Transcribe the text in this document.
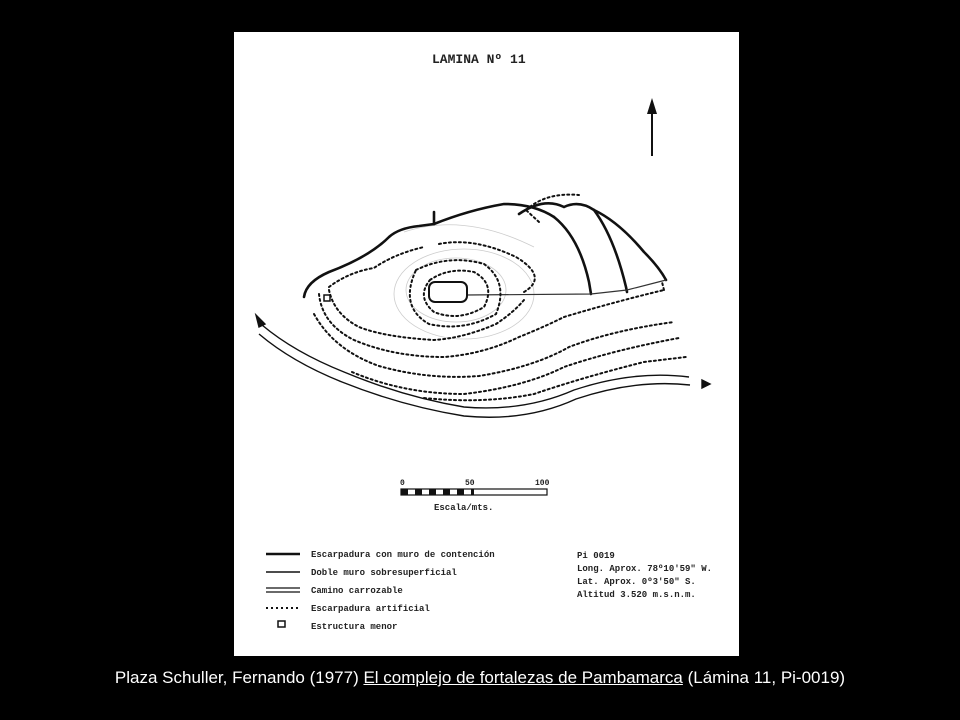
LAMINA Nº 11
0	50	100
Escala/mts.
Escarpadura con muro de contención
Doble muro sobresuperficial
Camino carrozable
Escarpadura artificial
Estructura menor
Pi 0019
Long. Aprox. 78º10'59" W.
Lat. Aprox. 0º3'50" S.
Altitud 3.520 m.s.n.m.
Plaza Schuller, Fernando (1977) El complejo de fortalezas de Pambamarca (Lámina 11, Pi-0019)
